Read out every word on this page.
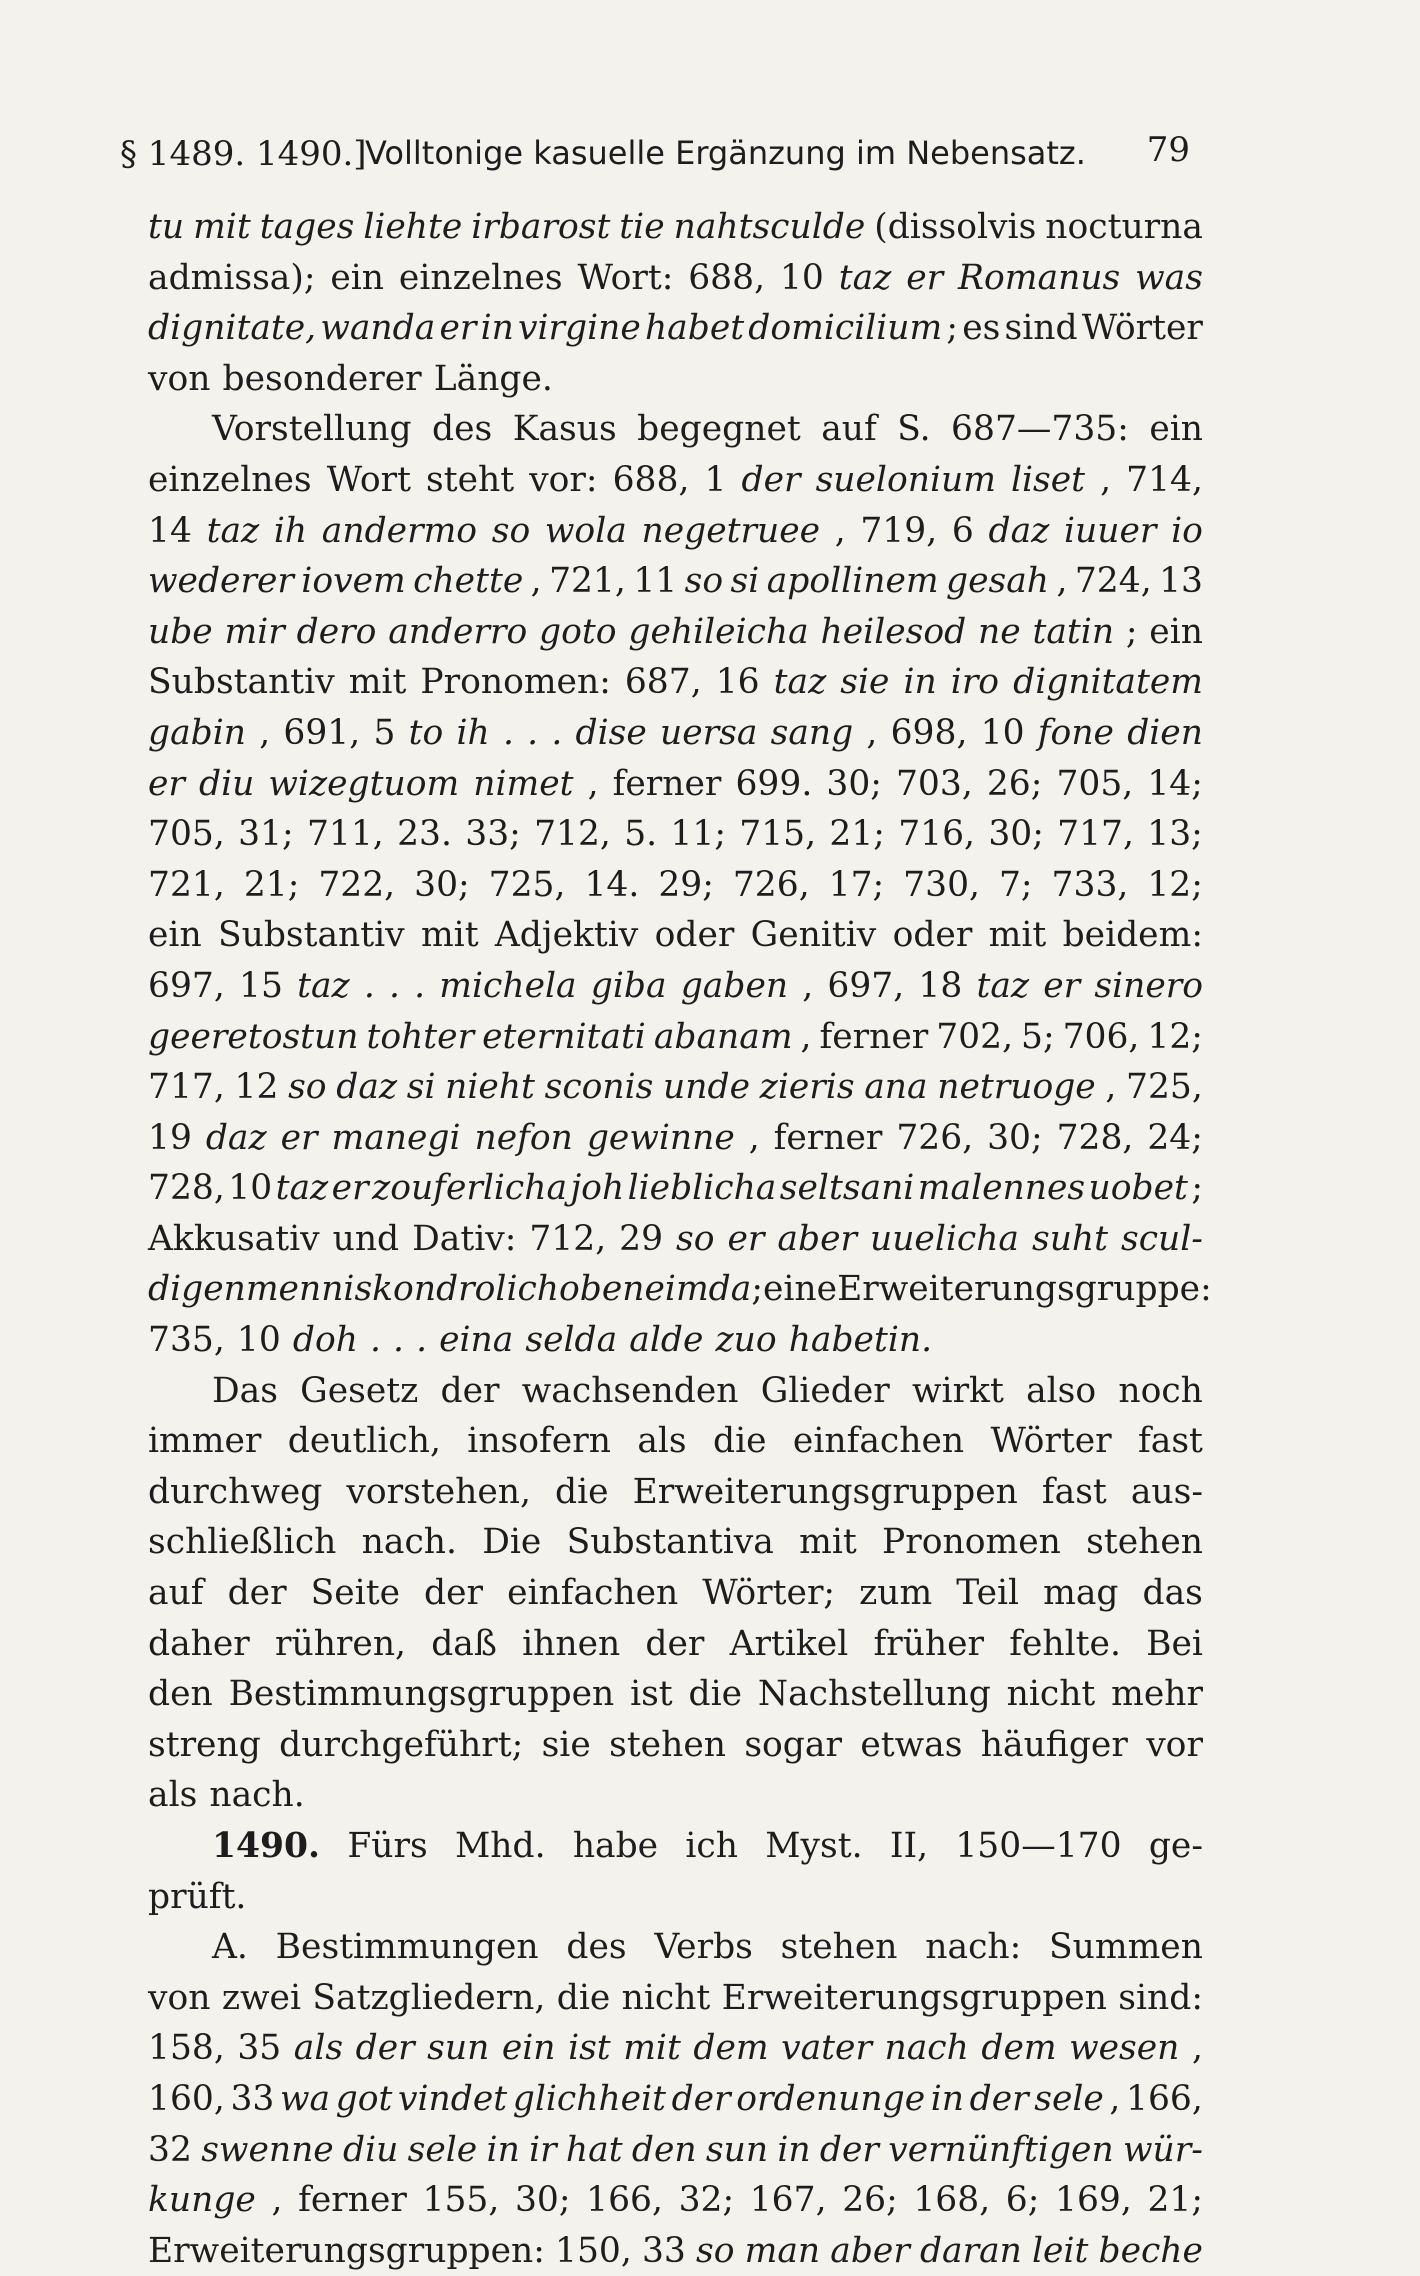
§ 1489. 1490.]
Volltonige kasuelle Ergänzung im Nebensatz. 79
tu mit tages liehte irbarost tie nahtsculde (dissolvis nocturna
admissa); ein einzelnes Wort: 688, 10 taz er Romanus was
dignitate, wanda er in virgine habet domicilium ; es sind Wörter
von besonderer Länge.
Vorstellung des Kasus begegnet auf S. 687—735: ein
einzelnes Wort steht vor: 688, 1 der suelonium liset , 714,
14 taz ih andermo so wola negetruee , 719, 6 daz iuuer io
wederer iovem chette , 721, 11 so si apollinem gesah , 724, 13
ube mir dero anderro goto gehileicha heilesod ne tatin ; ein
Substantiv mit Pronomen: 687, 16 taz sie in iro dignitatem
gabin , 691, 5 to ih . . . dise uersa sang , 698, 10 fone dien
er diu wizegtuom nimet , ferner 699. 30; 703, 26; 705, 14;
705, 31; 711, 23. 33; 712, 5. 11; 715, 21; 716, 30; 717, 13;
721, 21; 722, 30; 725, 14. 29; 726, 17; 730, 7; 733, 12;
ein Substantiv mit Adjektiv oder Genitiv oder mit beidem:
697, 15 taz . . . michela giba gaben , 697, 18 taz er sinero
geeretostun tohter eternitati abanam , ferner 702, 5; 706, 12;
717, 12 so daz si nieht sconis unde zieris ana netruoge , 725,
19 daz er manegi nefon gewinne , ferner 726, 30; 728, 24;
728, 10 taz er zouferlicha joh lieblicha seltsani malennes uobet ;
Akkusativ und Dativ: 712, 29 so er aber uuelicha suht scul-
digen menniskon drolicho beneimda ; eine Erweiterungsgruppe:
735, 10 doh . . . eina selda alde zuo habetin.
Das Gesetz der wachsenden Glieder wirkt also noch
immer deutlich, insofern als die einfachen Wörter fast
durchweg vorstehen, die Erweiterungsgruppen fast aus-
schließlich nach. Die Substantiva mit Pronomen stehen
auf der Seite der einfachen Wörter; zum Teil mag das
daher rühren, daß ihnen der Artikel früher fehlte. Bei
den Bestimmungsgruppen ist die Nachstellung nicht mehr
streng durchgeführt; sie stehen sogar etwas häufiger vor
als nach.
1490. Fürs Mhd. habe ich Myst. II, 150—170 ge-
prüft.
A. Bestimmungen des Verbs stehen nach: Summen
von zwei Satzgliedern, die nicht Erweiterungsgruppen sind:
158, 35 als der sun ein ist mit dem vater nach dem wesen ,
160, 33 wa got vindet glichheit der ordenunge in der sele , 166,
32 swenne diu sele in ir hat den sun in der vernünftigen wür-
kunge , ferner 155, 30; 166, 32; 167, 26; 168, 6; 169, 21;
Erweiterungsgruppen: 150, 33 so man aber daran leit beche
